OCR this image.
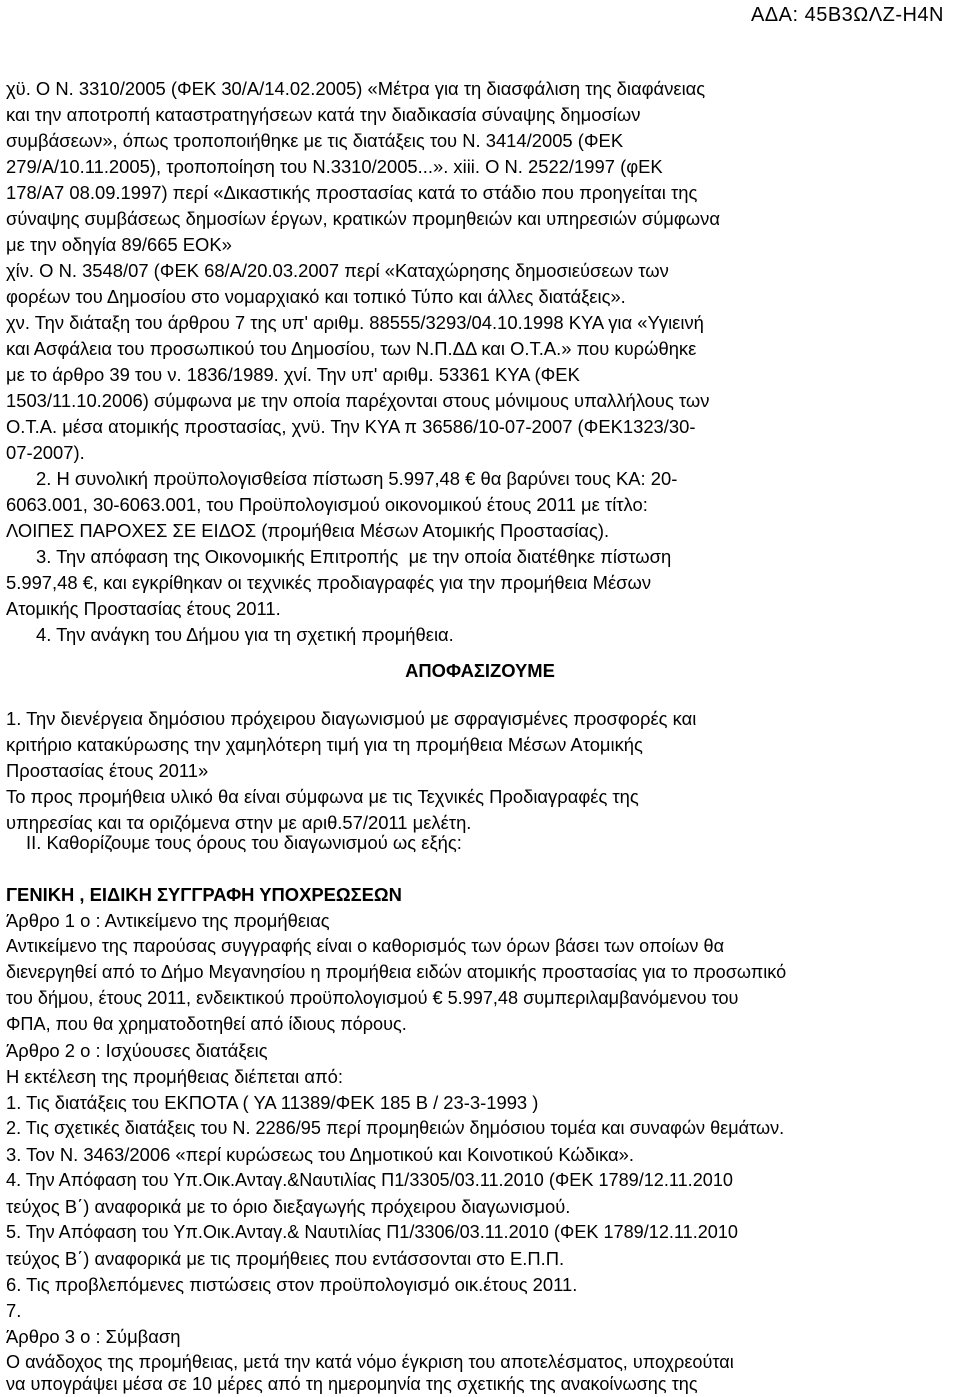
ΑΔΑ: 45Β3ΩΛΖ-Η4Ν
χϋ. Ο Ν. 3310/2005 (ΦΕΚ 30/Α/14.02.2005) «Μέτρα για τη διασφάλιση της διαφάνειας
και την αποτροπή καταστρατηγήσεων κατά την διαδικασία σύναψης δημοσίων
συμβάσεων», όπως τροποποιήθηκε με τις διατάξεις του Ν. 3414/2005 (ΦΕΚ
279/Α/10.11.2005), τροποποίηση του Ν.3310/2005...». xiii. Ο Ν. 2522/1997 (φΕΚ
178/Α7 08.09.1997) περί «Δικαστικής προστασίας κατά το στάδιο που προηγείται της
σύναψης συμβάσεως δημοσίων έργων, κρατικών προμηθειών και υπηρεσιών σύμφωνα
με την οδηγία 89/665 ΕΟΚ»
χίν. Ο Ν. 3548/07 (ΦΕΚ 68/Α/20.03.2007 περί «Καταχώρησης δημοσιεύσεων των
φορέων του Δημοσίου στο νομαρχιακό και τοπικό Τύπο και άλλες διατάξεις».
χν. Την διάταξη του άρθρου 7 της υπ' αριθμ. 88555/3293/04.10.1998 ΚΥΑ για «Υγιεινή
και Ασφάλεια του προσωπικού του Δημοσίου, των Ν.Π.ΔΔ και Ο.Τ.Α.» που κυρώθηκε
με το άρθρο 39 του ν. 1836/1989. χνί. Την υπ' αριθμ. 53361 ΚΥΑ (ΦΕΚ
1503/11.10.2006) σύμφωνα με την οποία παρέχονται στους μόνιμους υπαλλήλους των
Ο.Τ.Α. μέσα ατομικής προστασίας, χνϋ. Την ΚΥΑ π 36586/10-07-2007 (ΦΕΚ1323/30-
07-2007).
2. Η συνολική προϋπολογισθείσα πίστωση 5.997,48 € θα βαρύνει τους ΚΑ: 20-
6063.001, 30-6063.001, του Προϋπολογισμού οικονομικού έτους 2011 με τίτλο:
ΛΟΙΠΕΣ ΠΑΡΟΧΕΣ ΣΕ ΕΙΔΟΣ (προμήθεια Μέσων Ατομικής Προστασίας).
3. Την απόφαση της Οικονομικής Επιτροπής  με την οποία διατέθηκε πίστωση
5.997,48 €, και εγκρίθηκαν οι τεχνικές προδιαγραφές για την προμήθεια Μέσων
Ατομικής Προστασίας έτους 2011.
4. Την ανάγκη του Δήμου για τη σχετική προμήθεια.
ΑΠΟΦΑΣΙΖΟΥΜΕ
1. Την διενέργεια δημόσιου πρόχειρου διαγωνισμού με σφραγισμένες προσφορές και
κριτήριο κατακύρωσης την χαμηλότερη τιμή για τη προμήθεια Μέσων Ατομικής
Προστασίας έτους 2011»
Το προς προμήθεια υλικό θα είναι σύμφωνα με τις Τεχνικές Προδιαγραφές της
υπηρεσίας και τα οριζόμενα στην με αριθ.57/2011 μελέτη.
II. Καθορίζουμε τους όρους του διαγωνισμού ως εξής:
ΓΕΝΙΚΗ , ΕΙΔΙΚΗ ΣΥΓΓΡΑΦΗ ΥΠΟΧΡΕΩΣΕΩΝ
Άρθρο 1 ο : Αντικείμενο της προμήθειας
Αντικείμενο της παρούσας συγγραφής είναι ο καθορισμός των όρων βάσει των οποίων θα
διενεργηθεί από το Δήμο Μεγανησίου η προμήθεια ειδών ατομικής προστασίας για το προσωπικό
του δήμου, έτους 2011, ενδεικτικού προϋπολογισμού € 5.997,48 συμπεριλαμβανόμενου του
ΦΠΑ, που θα χρηματοδοτηθεί από ίδιους πόρους.
Άρθρο 2 ο : Ισχύουσες διατάξεις
Η εκτέλεση της προμήθειας διέπεται από:
1. Τις διατάξεις του ΕΚΠΟΤΑ ( ΥΑ 11389/ΦΕΚ 185 Β / 23-3-1993 )
2. Τις σχετικές διατάξεις του Ν. 2286/95 περί προμηθειών δημόσιου τομέα και συναφών θεμάτων.
3. Τον Ν. 3463/2006 «περί κυρώσεως του Δημοτικού και Κοινοτικού Κώδικα».
4. Την Απόφαση του Υπ.Οικ.Ανταγ.&Ναυτιλίας Π1/3305/03.11.2010 (ΦΕΚ 1789/12.11.2010
τεύχος Β΄) αναφορικά με το όριο διεξαγωγής πρόχειρου διαγωνισμού.
5. Την Απόφαση του Υπ.Οικ.Ανταγ.& Ναυτιλίας Π1/3306/03.11.2010 (ΦΕΚ 1789/12.11.2010
τεύχος Β΄) αναφορικά με τις προμήθειες που εντάσσονται στο Ε.Π.Π.
6. Τις προβλεπόμενες πιστώσεις στον προϋπολογισμό οικ.έτους 2011.
7.
Άρθρο 3 ο : Σύμβαση
Ο ανάδοχος της προμήθειας, μετά την κατά νόμο έγκριση του αποτελέσματος, υποχρεούται
να υπογράψει μέσα σε 10 μέρες από τη ημερομηνία της σχετικής της ανακοίνωσης της
